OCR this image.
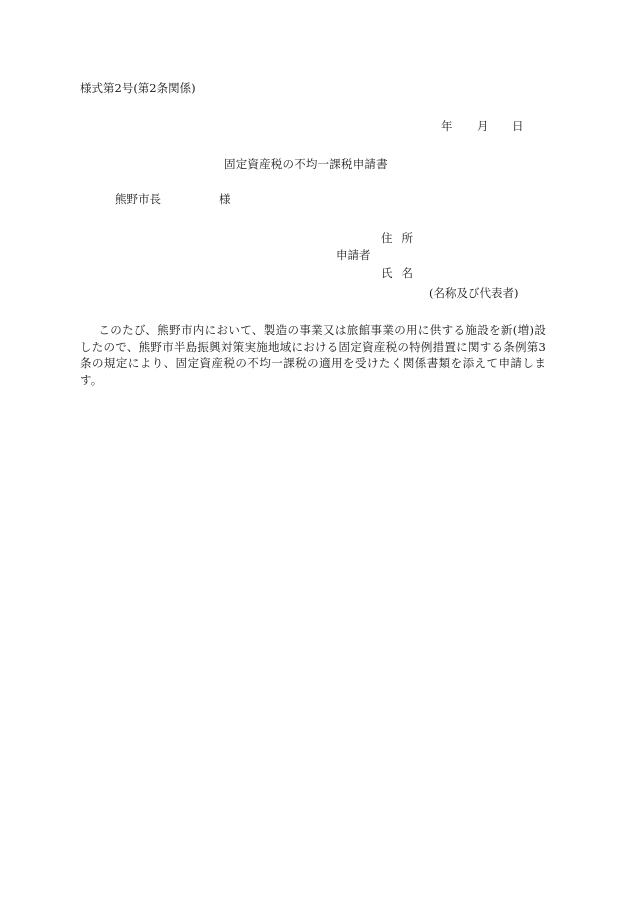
様式第2号(第2条関係)
年 月 日
固定資産税の不均一課税申請書
熊野市長	様
住所
申請者
氏名
(名称及び代表者)
このたび、熊野市内において、製造の事業又は旅館事業の用に供する施設を新(増)設したので、熊野市半島振興対策実施地域における固定資産税の特例措置に関する条例第3条の規定により、固定資産税の不均一課税の適用を受けたく関係書類を添えて申請します。
